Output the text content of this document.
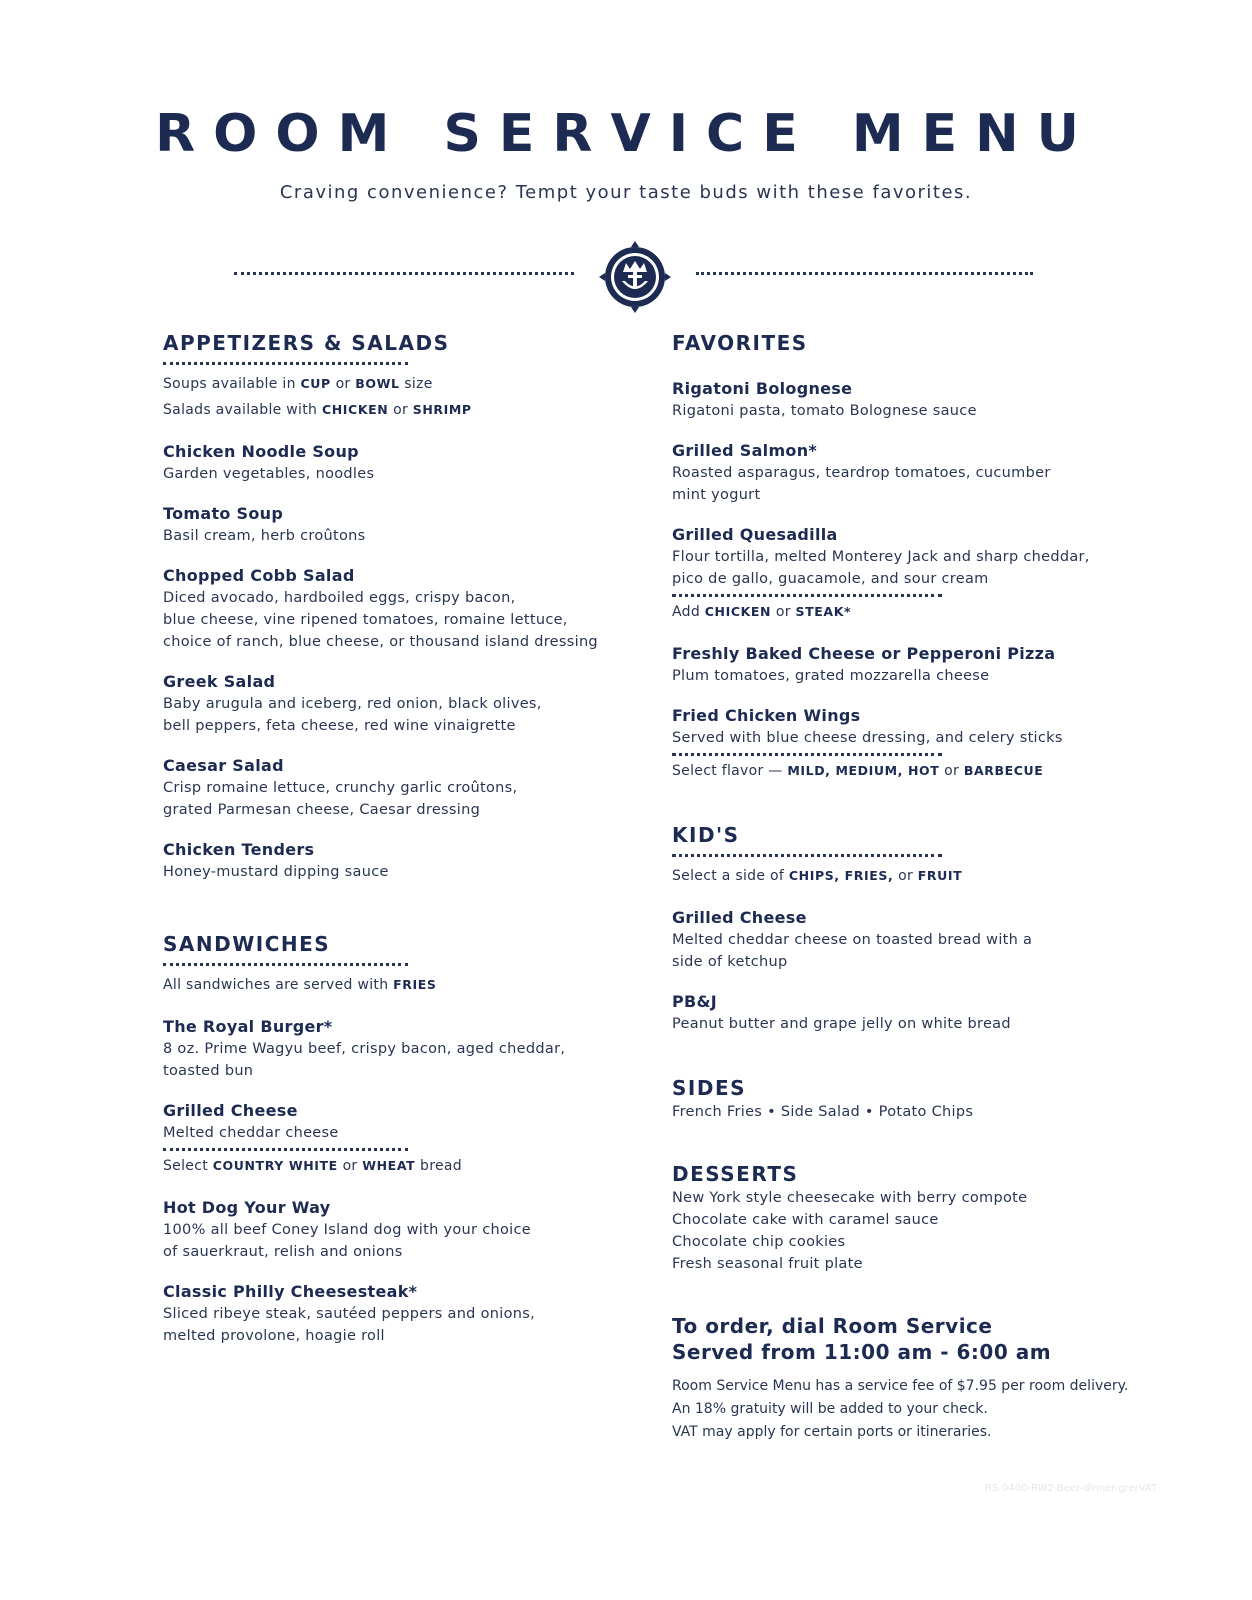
ROOM SERVICE MENU

Craving convenience? Tempt your taste buds with these favorites.

APPETIZERS & SALADS

Soups available in CUP or BOWL size

Salads available with CHICKEN or SHRIMP

Chicken Noodle Soup

Garden vegetables, noodles

Tomato Soup

Basil cream, herb croûtons

Chopped Cobb Salad

Diced avocado, hardboiled eggs, crispy bacon,

blue cheese, vine ripened tomatoes, romaine lettuce,

choice of ranch, blue cheese, or thousand island dressing

Greek Salad

Baby arugula and iceberg, red onion, black olives,

bell peppers, feta cheese, red wine vinaigrette

Caesar Salad

Crisp romaine lettuce, crunchy garlic croûtons,

grated Parmesan cheese, Caesar dressing

Chicken Tenders

Honey-mustard dipping sauce

SANDWICHES

All sandwiches are served with FRIES

The Royal Burger*

8 oz. Prime Wagyu beef, crispy bacon, aged cheddar,

toasted bun

Grilled Cheese

Melted cheddar cheese

Select COUNTRY WHITE or WHEAT bread

Hot Dog Your Way

100% all beef Coney Island dog with your choice

of sauerkraut, relish and onions

Classic Philly Cheesesteak*

Sliced ribeye steak, sautéed peppers and onions,

melted provolone, hoagie roll

FAVORITES

Rigatoni Bolognese

Rigatoni pasta, tomato Bolognese sauce

Grilled Salmon*

Roasted asparagus, teardrop tomatoes, cucumber

mint yogurt

Grilled Quesadilla

Flour tortilla, melted Monterey Jack and sharp cheddar,

pico de gallo, guacamole, and sour cream

Add CHICKEN or STEAK*

Freshly Baked Cheese or Pepperoni Pizza

Plum tomatoes, grated mozzarella cheese

Fried Chicken Wings

Served with blue cheese dressing, and celery sticks

Select flavor — MILD, MEDIUM, HOT or BARBECUE

KID'S

Select a side of CHIPS, FRIES, or FRUIT

Grilled Cheese

Melted cheddar cheese on toasted bread with a

side of ketchup

PB&J

Peanut butter and grape jelly on white bread

SIDES

French Fries • Side Salad • Potato Chips

DESSERTS

New York style cheesecake with berry compote

Chocolate cake with caramel sauce

Chocolate chip cookies

Fresh seasonal fruit plate

To order, dial Room Service

Served from 11:00 am - 6:00 am

Room Service Menu has a service fee of $7.95 per room delivery.

An 18% gratuity will be added to your check.

VAT may apply for certain ports or itineraries.

RS-0400-RW2-Beer-dinner-grerVAT
